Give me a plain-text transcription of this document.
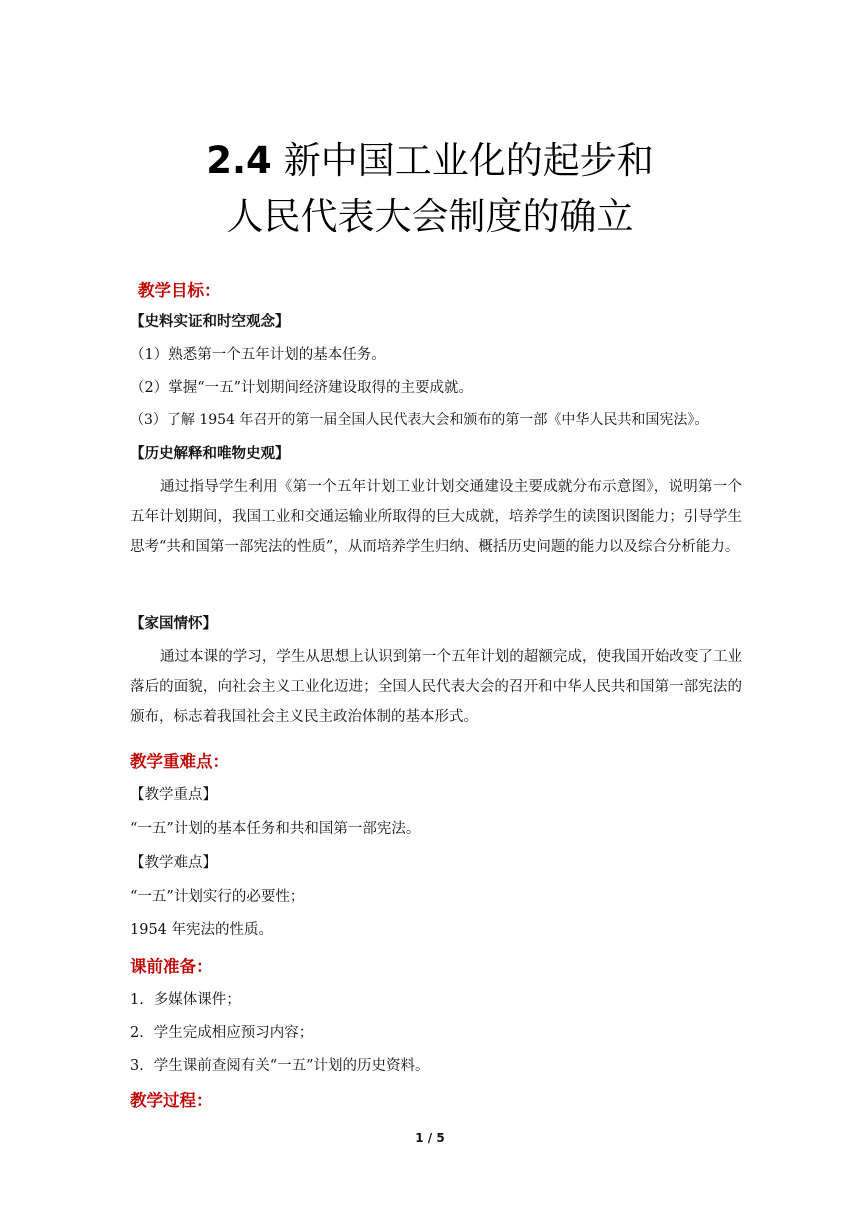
2.4 新中国工业化的起步和
人民代表大会制度的确立
教学目标：
【史料实证和时空观念】
（1）熟悉第一个五年计划的基本任务。
（2）掌握“一五”计划期间经济建设取得的主要成就。
（3）了解 1954 年召开的第一届全国人民代表大会和颁布的第一部《中华人民共和国宪法》。
【历史解释和唯物史观】
通过指导学生利用《第一个五年计划工业计划交通建设主要成就分布示意图》，说明第一个五年计划期间，我国工业和交通运输业所取得的巨大成就，培养学生的读图识图能力；引导学生思考“共和国第一部宪法的性质”，从而培养学生归纳、概括历史问题的能力以及综合分析能力。
【家国情怀】
通过本课的学习，学生从思想上认识到第一个五年计划的超额完成，使我国开始改变了工业落后的面貌，向社会主义工业化迈进；全国人民代表大会的召开和中华人民共和国第一部宪法的颁布，标志着我国社会主义民主政治体制的基本形式。
教学重难点：
【教学重点】
“一五”计划的基本任务和共和国第一部宪法。
【教学难点】
“一五”计划实行的必要性；
1954 年宪法的性质。
课前准备：
1．多媒体课件；
2．学生完成相应预习内容；
3．学生课前查阅有关“一五”计划的历史资料。
教学过程：
1 / 5
